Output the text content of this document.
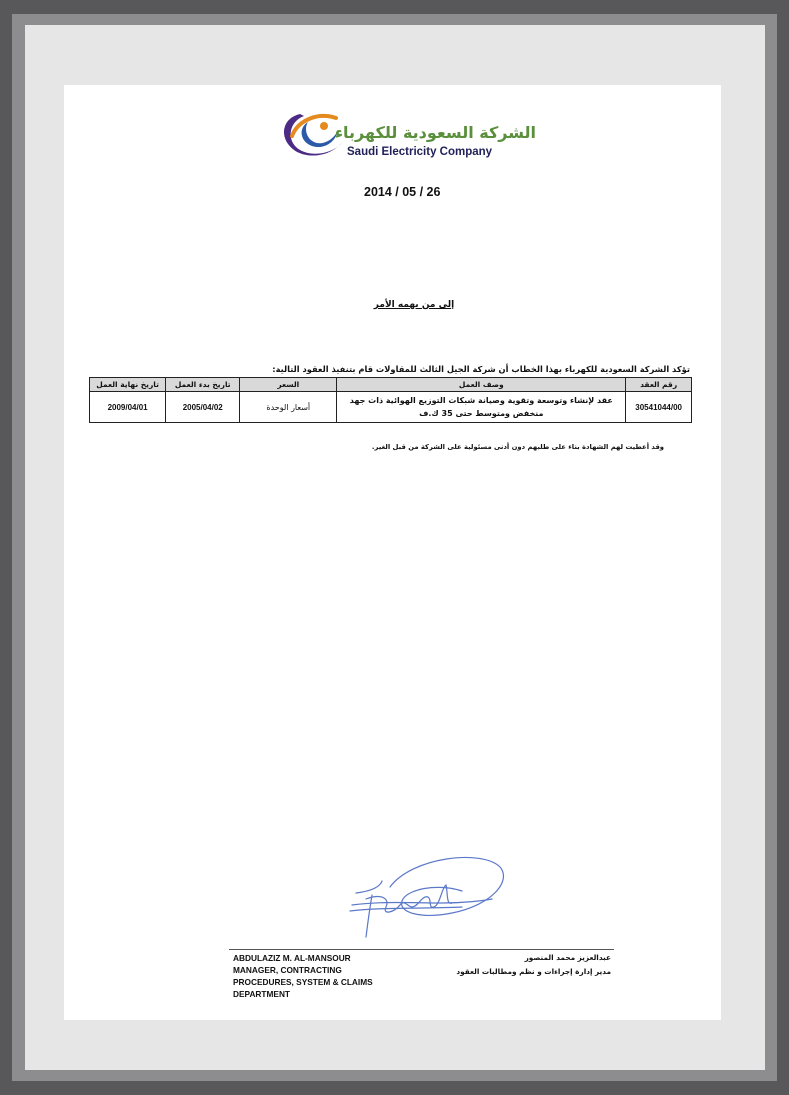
الشركة السعودية للكهرباء
Saudi Electricity Company
2014 / 05 / 26
إلى من يهمه الأمر
تؤكد الشركة السعودية للكهرباء بهذا الخطاب أن شركة الجيل الثالث للمقاولات قام بتنفيذ العقود التالية:
رقم العقد	وصف العمل	السعر	تاريخ بدء العمل	تاريخ نهاية العمل
30541044/00	عقد لإنشاء وتوسعة وتقوية وصيانة شبكات التوزيع الهوائية ذات جهد
منخفض ومتوسط حتى 35 ك.ف	أسعار الوحدة	2005/04/02	2009/04/01
وقد أعطيت لهم الشهادة بناء على طلبهم دون أدنى مسئولية على الشركة من قبل الغير.
ABDULAZIZ M. AL-MANSOUR
MANAGER, CONTRACTING
PROCEDURES, SYSTEM & CLAIMS
DEPARTMENT
عبدالعزيز محمد المنصور
مدير إدارة إجراءات و نظم ومطالبات العقود
